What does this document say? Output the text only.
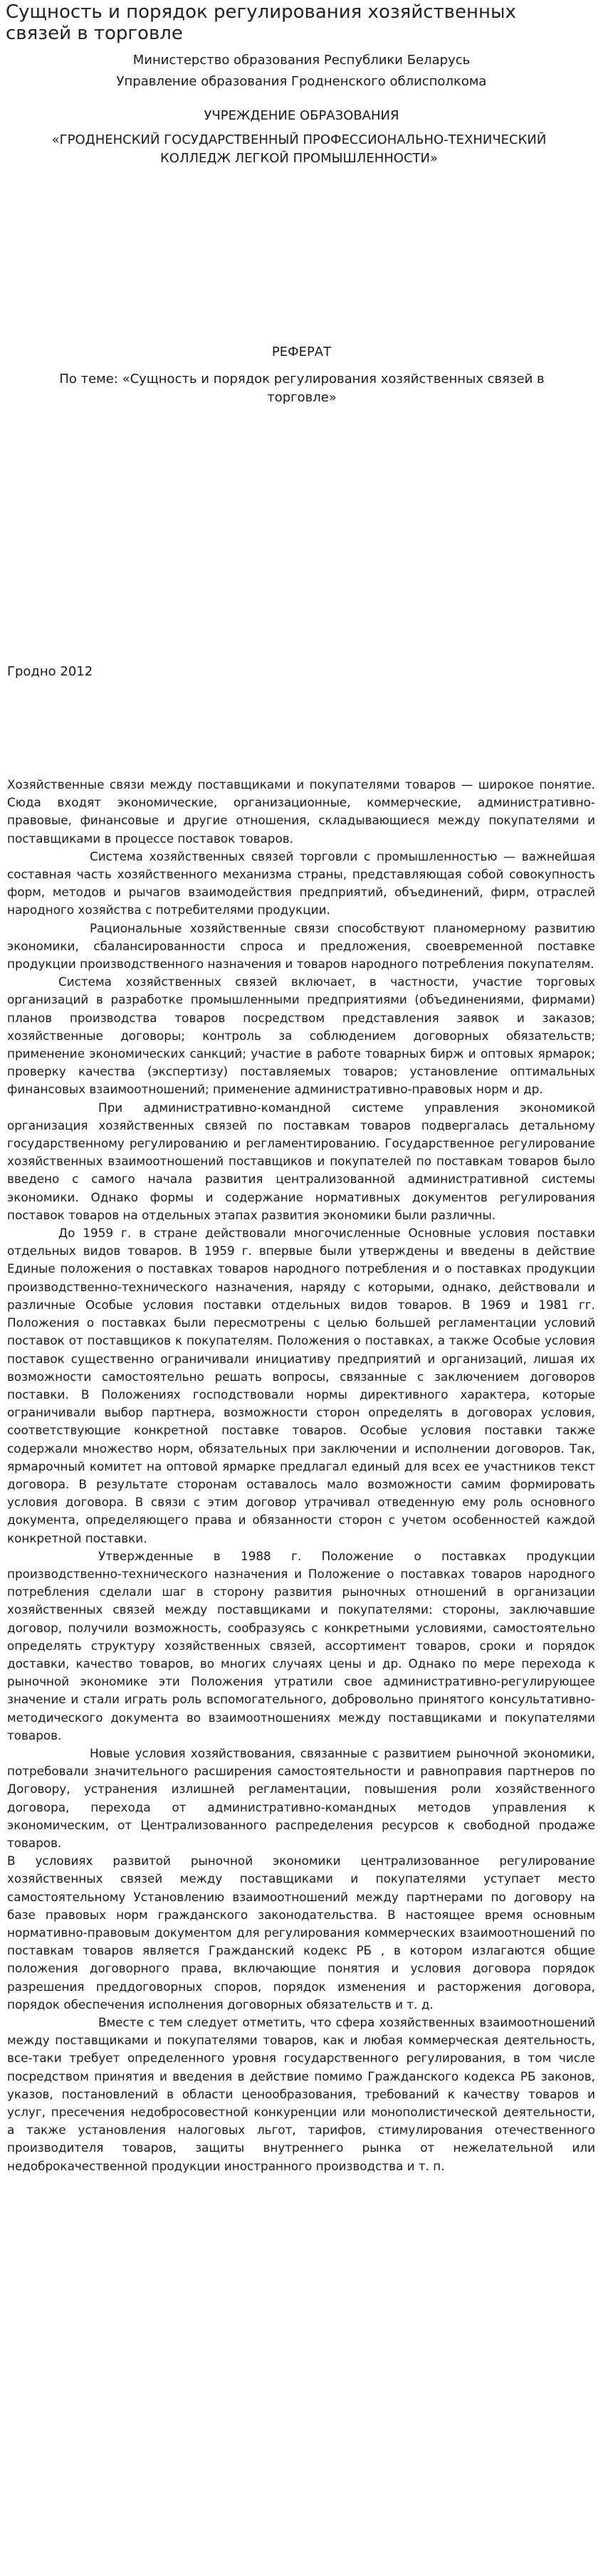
Сущность и порядок регулирования хозяйственных связей в торговле
Министерство образования Республики Беларусь
Управление образования Гродненского облисполкома
УЧРЕЖДЕНИЕ ОБРАЗОВАНИЯ
«ГРОДНЕНСКИЙ ГОСУДАРСТВЕННЫЙ ПРОФЕССИОНАЛЬНО-ТЕХНИЧЕСКИЙ КОЛЛЕДЖ ЛЕГКОЙ ПРОМЫШЛЕННОСТИ»
РЕФЕРАТ
По теме: «Сущность и порядок регулирования хозяйственных связей в торговле»
Гродно 2012

Хозяйственные связи между поставщиками и покупателями товаров — широкое понятие. Сюда входят экономические, организационные, коммерческие, административно-правовые, финансовые и другие отношения, складывающиеся между покупателями и поставщиками в процессе поставок товаров.

Система хозяйственных связей торговли с промышленностью — важнейшая составная часть хозяйственного механизма страны, представляющая собой совокупность форм, методов и рычагов взаимодействия предприятий, объединений, фирм, отраслей народного хозяйства с потребителями продукции.

Рациональные хозяйственные связи способствуют планомерному развитию экономики, сбалансированности спроса и предложения, своевременной поставке продукции производственного назначения и товаров народного потребления покупателям.

Система хозяйственных связей включает, в частности, участие торговых организаций в разработке промышленными предприятиями (объединениями, фирмами) планов производства товаров посредством представления заявок и заказов; хозяйственные договоры; контроль за соблюдением договорных обязательств; применение экономических санкций; участие в работе товарных бирж и оптовых ярмарок; проверку качества (экспертизу) поставляемых товаров; установление оптимальных финансовых взаимоотношений; применение административно-правовых норм и др.

При административно-командной системе управления экономикой организация хозяйственных связей по поставкам товаров подвергалась детальному государственному регулированию и регламентированию. Государственное регулирование хозяйственных взаимоотношений поставщиков и покупателей по поставкам товаров было введено с самого начала развития централизованной административной системы экономики. Однако формы и содержание нормативных документов регулирования поставок товаров на отдельных этапах развития экономики были различны.

До 1959 г. в стране действовали многочисленные Основные условия поставки отдельных видов товаров. В 1959 г. впервые были утверждены и введены в действие Единые положения о поставках товаров народного потребления и о поставках продукции производственно-технического назначения, наряду с которыми, однако, действовали и различные Особые условия поставки отдельных видов товаров. В 1969 и 1981 гг. Положения о поставках были пересмотрены с целью большей регламентации условий поставок от поставщиков к покупателям. Положения о поставках, а также Особые условия поставок существенно ограничивали инициативу предприятий и организаций, лишая их возможности самостоятельно решать вопросы, связанные с заключением договоров поставки. В Положениях господствовали нормы директивного характера, которые ограничивали выбор партнера, возможности сторон определять в договорах условия, соответствующие конкретной поставке товаров. Особые условия поставки также содержали множество норм, обязательных при заключении и исполнении договоров. Так, ярмарочный комитет на оптовой ярмарке предлагал единый для всех ее участников текст договора. В результате сторонам оставалось мало возможности самим формировать условия договора. В связи с этим договор утрачивал отведенную ему роль основного документа, определяющего права и обязанности сторон с учетом особенностей каждой конкретной поставки.

Утвержденные в 1988 г. Положение о поставках продукции производственно-технического назначения и Положение о поставках товаров народного потребления сделали шаг в сторону развития рыночных отношений в организации хозяйственных связей между поставщиками и покупателями: стороны, заключавшие договор, получили возможность, сообразуясь с конкретными условиями, самостоятельно определять структуру хозяйственных связей, ассортимент товаров, сроки и порядок доставки, качество товаров, во многих случаях цены и др. Однако по мере перехода к рыночной экономике эти Положения утратили свое административно-регулирующее значение и стали играть роль вспомогательного, добровольно принятого консультативно-методического документа во взаимоотношениях между поставщиками и покупателями товаров.

Новые условия хозяйствования, связанные с развитием рыночной экономики, потребовали значительного расширения самостоятельности и равноправия партнеров по Договору, устранения излишней регламентации, повышения роли хозяйственного договора, перехода от административно-командных методов управления к экономическим, от Централизованного распределения ресурсов к свободной продаже товаров.

В условиях развитой рыночной экономики централизованное регулирование хозяйственных связей между поставщиками и покупателями уступает место самостоятельному Установлению взаимоотношений между партнерами по договору на базе правовых норм гражданского законодательства. В настоящее время основным нормативно-правовым документом для регулирования коммерческих взаимоотношений по поставкам товаров является Гражданский кодекс РБ , в котором излагаются общие положения договорного права, включающие понятия и условия договора порядок разрешения преддоговорных споров, порядок изменения и расторжения договора, порядок обеспечения исполнения договорных обязательств и т. д.

Вместе с тем следует отметить, что сфера хозяйственных взаимоотношений между поставщиками и покупателями товаров, как и любая коммерческая деятельность, все-таки требует определенного уровня государственного регулирования, в том числе посредством принятия и введения в действие помимо Гражданского кодекса РБ законов, указов, постановлений в области ценообразования, требований к качеству товаров и услуг, пресечения недобросовестной конкуренции или монополистической деятельности, а также установления налоговых льгот, тарифов, стимулирования отечественного производителя товаров, защиты внутреннего рынка от нежелательной или недоброкачественной продукции иностранного производства и т. п.
